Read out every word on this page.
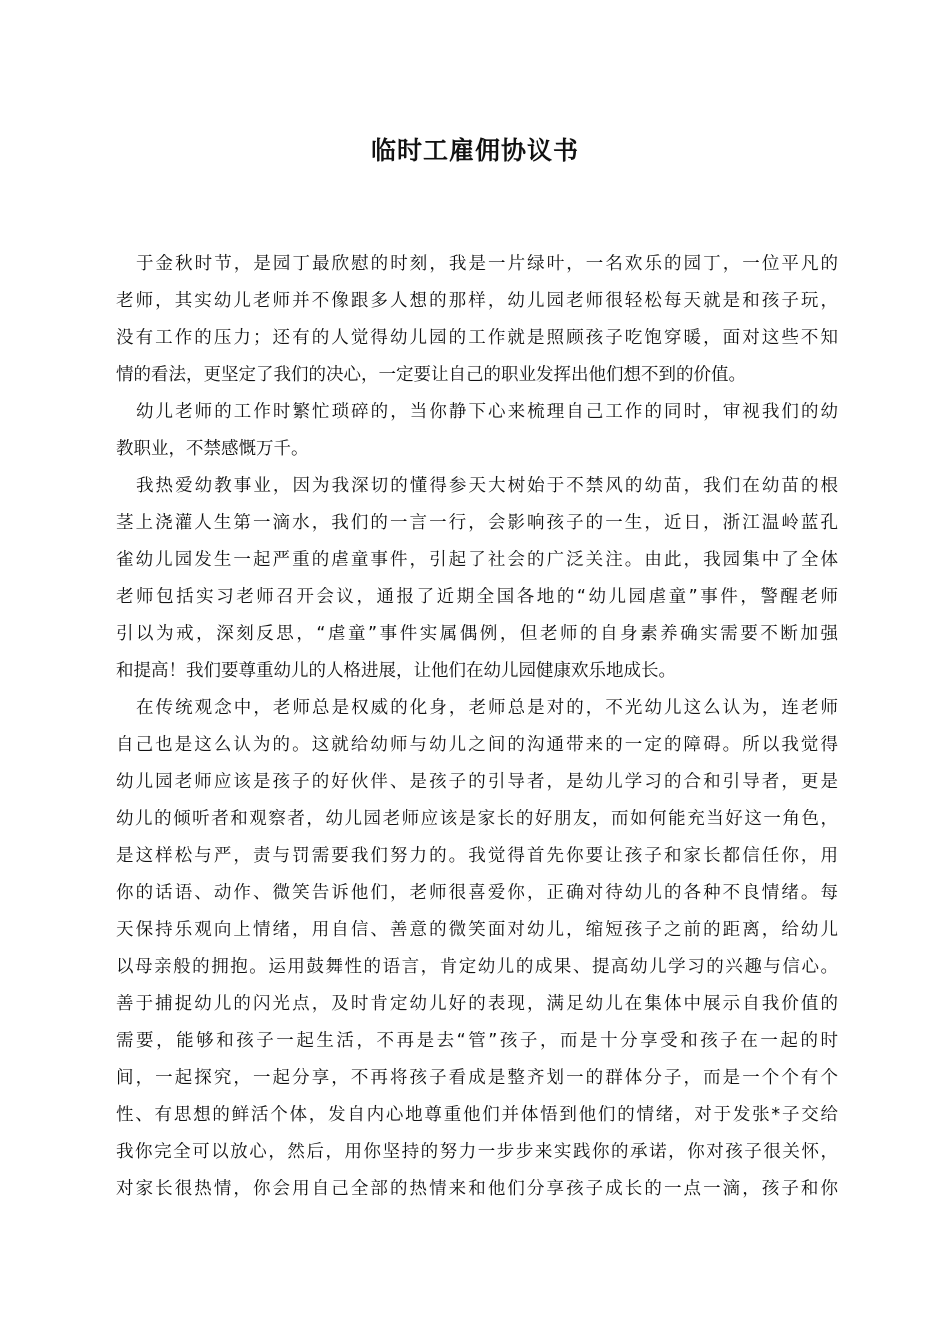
临时工雇佣协议书
于金秋时节，是园丁最欣慰的时刻，我是一片绿叶，一名欢乐的园丁，一位平凡的
老师，其实幼儿老师并不像跟多人想的那样，幼儿园老师很轻松每天就是和孩子玩，
没有工作的压力；还有的人觉得幼儿园的工作就是照顾孩子吃饱穿暖，面对这些不知
情的看法，更坚定了我们的决心，一定要让自己的职业发挥出他们想不到的价值。
幼儿老师的工作时繁忙琐碎的，当你静下心来梳理自己工作的同时，审视我们的幼
教职业，不禁感慨万千。
我热爱幼教事业，因为我深切的懂得参天大树始于不禁风的幼苗，我们在幼苗的根
茎上浇灌人生第一滴水，我们的一言一行，会影响孩子的一生，近日，浙江温岭蓝孔
雀幼儿园发生一起严重的虐童事件，引起了社会的广泛关注。由此，我园集中了全体
老师包括实习老师召开会议，通报了近期全国各地的“幼儿园虐童”事件，警醒老师
引以为戒，深刻反思，“虐童”事件实属偶例，但老师的自身素养确实需要不断加强
和提高！我们要尊重幼儿的人格进展，让他们在幼儿园健康欢乐地成长。
在传统观念中，老师总是权威的化身，老师总是对的，不光幼儿这么认为，连老师
自己也是这么认为的。这就给幼师与幼儿之间的沟通带来的一定的障碍。所以我觉得
幼儿园老师应该是孩子的好伙伴、是孩子的引导者，是幼儿学习的合和引导者，更是
幼儿的倾听者和观察者，幼儿园老师应该是家长的好朋友，而如何能充当好这一角色，
是这样松与严，责与罚需要我们努力的。我觉得首先你要让孩子和家长都信任你，用
你的话语、动作、微笑告诉他们，老师很喜爱你，正确对待幼儿的各种不良情绪。每
天保持乐观向上情绪，用自信、善意的微笑面对幼儿，缩短孩子之前的距离，给幼儿
以母亲般的拥抱。运用鼓舞性的语言，肯定幼儿的成果、提高幼儿学习的兴趣与信心。
善于捕捉幼儿的闪光点，及时肯定幼儿好的表现，满足幼儿在集体中展示自我价值的
需要，能够和孩子一起生活，不再是去“管”孩子，而是十分享受和孩子在一起的时
间，一起探究，一起分享，不再将孩子看成是整齐划一的群体分子，而是一个个有个
性、有思想的鲜活个体，发自内心地尊重他们并体悟到他们的情绪，对于发张*子交给
我你完全可以放心，然后，用你坚持的努力一步步来实践你的承诺，你对孩子很关怀，
对家长很热情，你会用自己全部的热情来和他们分享孩子成长的一点一滴，孩子和你
